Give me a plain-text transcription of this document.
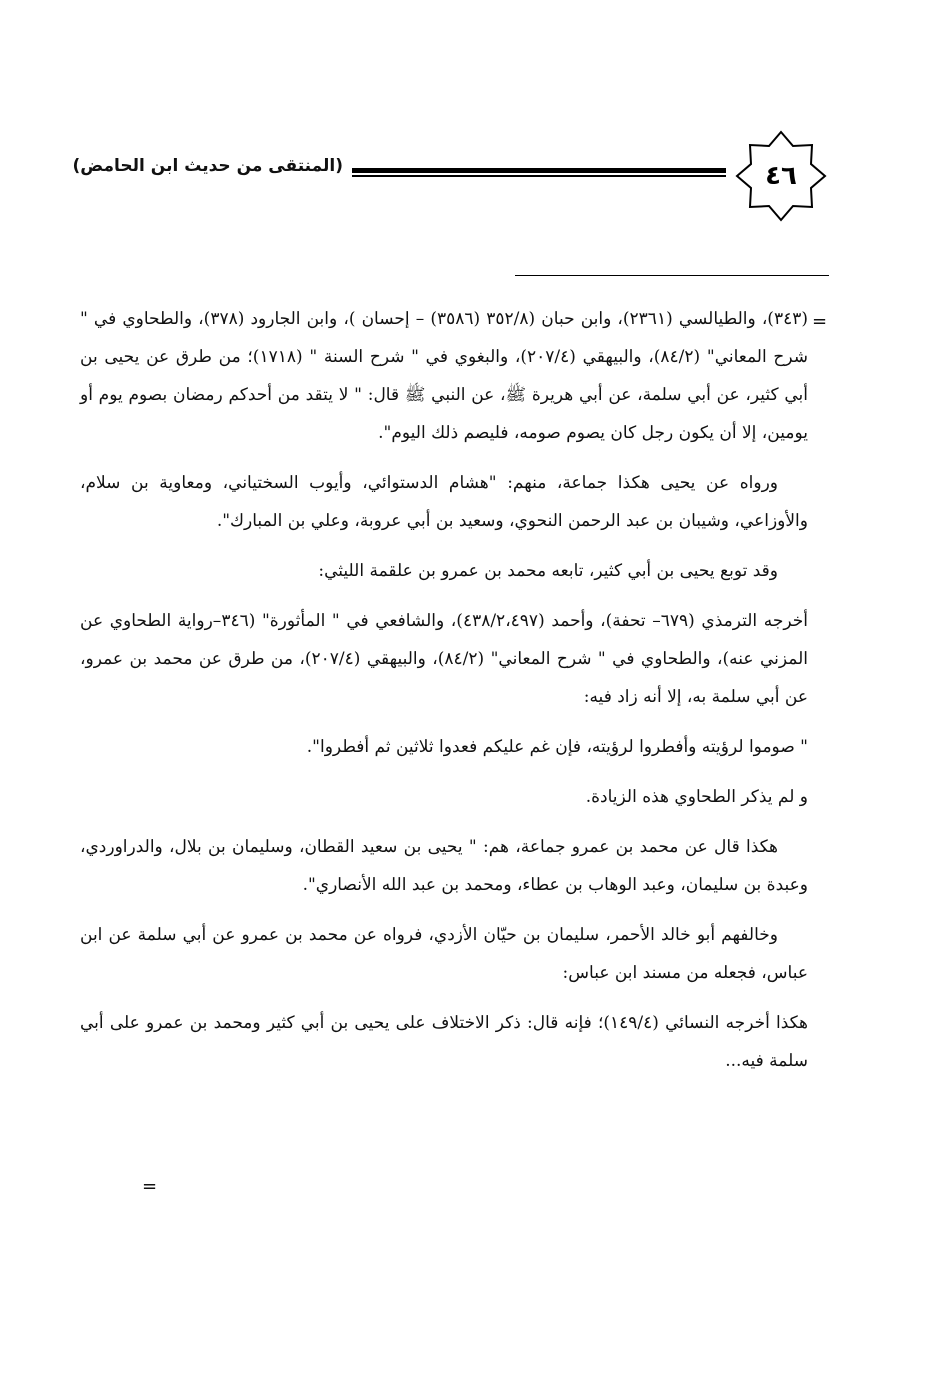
٤٦
(المنتقى من حديث ابن الحامض)
=

(٣٤٣)، والطيالسي (٢٣٦١)، وابن حبان (٣٥٢/٨ (٣٥٨٦) – إحسان )، وابن الجارود (٣٧٨)، والطحاوي في " شرح المعاني" (٨٤/٢)، والبيهقي (٢٠٧/٤)، والبغوي في " شرح السنة " (١٧١٨)؛ من طرق عن يحيى بن أبي كثير، عن أبي سلمة، عن أبي هريرة ﷺ، عن النبي ﷺ قال: " لا يتقد من أحدكم رمضان بصوم يوم أو يومين، إلا أن يكون رجل كان يصوم صومه، فليصم ذلك اليوم".

ورواه عن يحيى هكذا جماعة، منهم: "هشام الدستوائي، وأيوب السختياني، ومعاوية بن سلام، والأوزاعي، وشيبان بن عبد الرحمن النحوي، وسعيد بن أبي عروبة، وعلي بن المبارك".

وقد توبع يحيى بن أبي كثير، تابعه محمد بن عمرو بن علقمة الليثي:

أخرجه الترمذي (٦٧٩– تحفة)، وأحمد (٤٣٨/٢،٤٩٧)، والشافعي في " المأثورة" (٣٤٦–رواية الطحاوي عن المزني عنه)، والطحاوي في " شرح المعاني" (٨٤/٢)، والبيهقي (٢٠٧/٤)، من طرق عن محمد بن عمرو، عن أبي سلمة به، إلا أنه زاد فيه:

" صوموا لرؤيته وأفطروا لرؤيته، فإن غم عليكم فعدوا ثلاثين ثم أفطروا".

و لم يذكر الطحاوي هذه الزيادة.

هكذا قال عن محمد بن عمرو جماعة، هم: " يحيى بن سعيد القطان، وسليمان بن بلال، والدراوردي، وعبدة بن سليمان، وعبد الوهاب بن عطاء، ومحمد بن عبد الله الأنصاري".

وخالفهم أبو خالد الأحمر، سليمان بن حيّان الأزدي، فرواه عن محمد بن عمرو عن أبي سلمة عن ابن عباس، فجعله من مسند ابن عباس:

هكذا أخرجه النسائي (١٤٩/٤)؛ فإنه قال: ذكر الاختلاف على يحيى بن أبي كثير ومحمد بن عمرو على أبي سلمة فيه...

=
